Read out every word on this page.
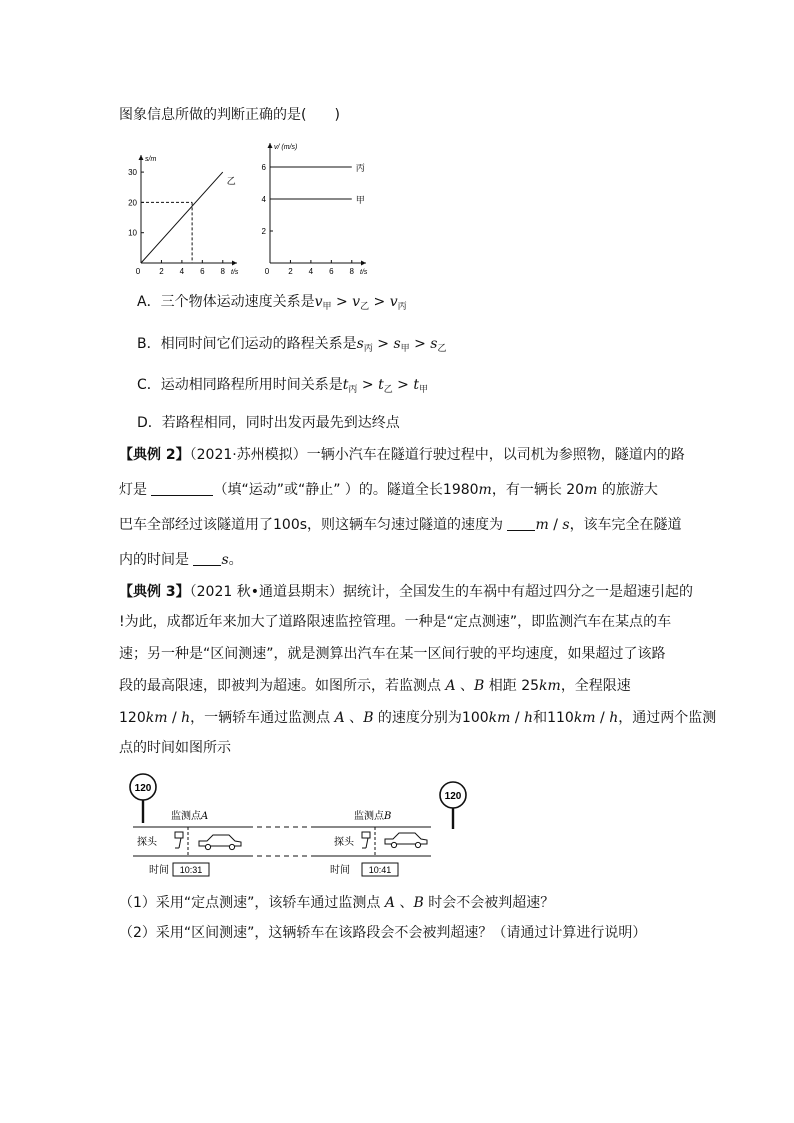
图象信息所做的判断正确的是(　　)
0 2 4 6 8
10
20
30
s/m
t/s
乙
0 2 4 6 8
2
4
6
v/ (m/s)
t/s
丙
甲
A．三个物体运动速度关系是$v_甲 > v_乙 > v_丙$
B．相同时间它们运动的路程关系是$s_丙 > s_甲 > s_乙$
C．运动相同路程所用时间关系是$t_丙 > t_乙 > t_甲$
D．若路程相同，同时出发丙最先到达终点
【典例 2】（2021·苏州模拟）一辆小汽车在隧道行驶过程中，以司机为参照物，隧道内的路
灯是	（填“运动”或“静止” ）的。隧道全长1980m，有一辆长 20m 的旅游大
巴车全部经过该隧道用了100s，则这辆车匀速过隧道的速度为 m / s，该车完全在隧道
内的时间是 s。
【典例 3】（2021 秋•通道县期末）据统计，全国发生的车祸中有超过四分之一是超速引起的
!为此，成都近年来加大了道路限速监控管理。一种是“定点测速”，即监测汽车在某点的车
速；另一种是“区间测速”，就是测算出汽车在某一区间行驶的平均速度，如果超过了该路
段的最高限速，即被判为超速。如图所示，若监测点 A 、B 相距 25km，全程限速
120km / h，一辆轿车通过监测点 A 、B 的速度分别为100km / h和110km / h，通过两个监测
点的时间如图所示
120
120
监测点A	监测点B
探头	探头
时间 10:31	时间 10:41
（1）采用“定点测速”，该轿车通过监测点 A 、B 时会不会被判超速？
（2）采用“区间测速”，这辆轿车在该路段会不会被判超速？（请通过计算进行说明）
